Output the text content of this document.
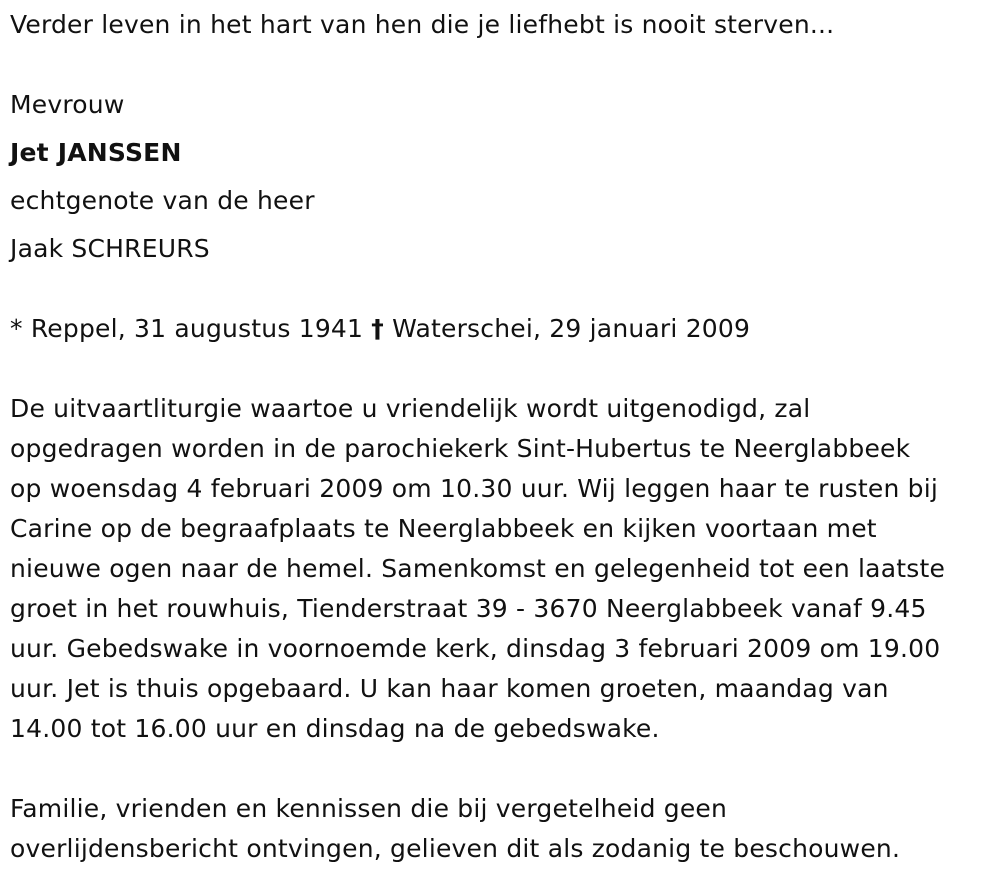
Verder leven in het hart van hen die je liefhebt is nooit sterven...
Mevrouw
Jet JANSSEN
echtgenote van de heer
Jaak SCHREURS
* Reppel, 31 augustus 1941 † Waterschei, 29 januari 2009
De uitvaartliturgie waartoe u vriendelijk wordt uitgenodigd, zal
opgedragen worden in de parochiekerk Sint-Hubertus te Neerglabbeek
op woensdag 4 februari 2009 om 10.30 uur. Wij leggen haar te rusten bij
Carine op de begraafplaats te Neerglabbeek en kijken voortaan met
nieuwe ogen naar de hemel. Samenkomst en gelegenheid tot een laatste
groet in het rouwhuis, Tienderstraat 39 - 3670 Neerglabbeek vanaf 9.45
uur. Gebedswake in voornoemde kerk, dinsdag 3 februari 2009 om 19.00
uur. Jet is thuis opgebaard. U kan haar komen groeten, maandag van
14.00 tot 16.00 uur en dinsdag na de gebedswake.
Familie, vrienden en kennissen die bij vergetelheid geen
overlijdensbericht ontvingen, gelieven dit als zodanig te beschouwen.
